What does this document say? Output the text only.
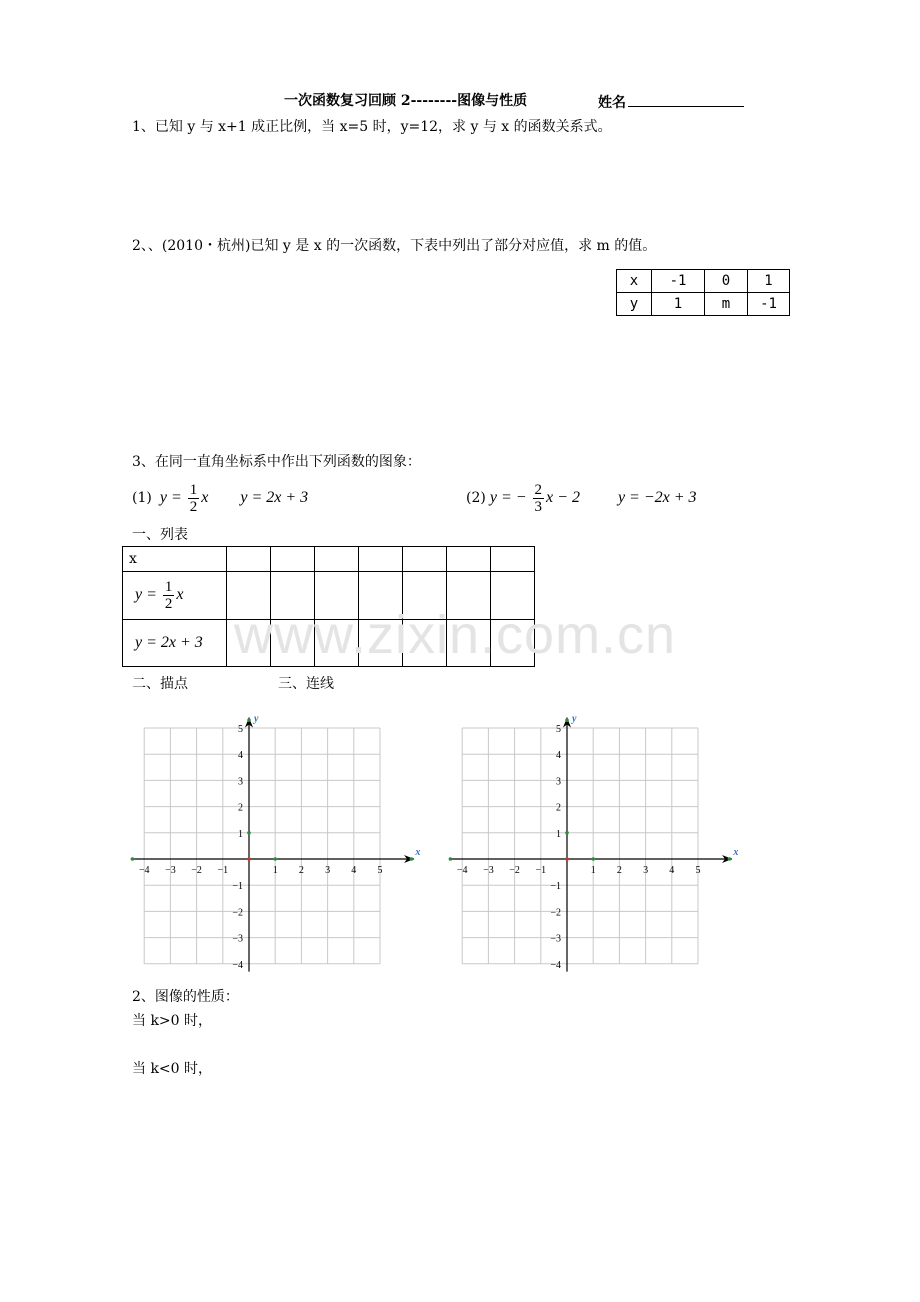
一次函数复习回顾 2--------图像与性质	姓名
1、已知 y 与 x+1 成正比例，当 x=5 时，y=12，求 y 与 x 的函数关系式。
2、、(2010・杭州)已知 y 是 x 的一次函数，下表中列出了部分对应值，求 m 的值。
x	-1	0	1
y	1	m	-1
3、在同一直角坐标系中作出下列函数的图象：
(1) $y = \frac{1}{2}$ x y = 2x + 3	(2) y = − $\frac{2}{3}$ x − 2 y = −2x + 3
一、列表
x							
$y = \frac{1}{2}$ x							
y = 2x + 3							www.zixin.com.cn
二、描点	三、连线
x
y
−4 −3 −2 −1	1 2 3 4 5
5
4
3
2
1
−1
−2
−3
−4
x
y
−4 −3 −2 −1	1 2 3 4 5
5
4
3
2
1
−1
−2
−3
−4
2、图像的性质：
当 k>0 时，
当 k<0 时，
